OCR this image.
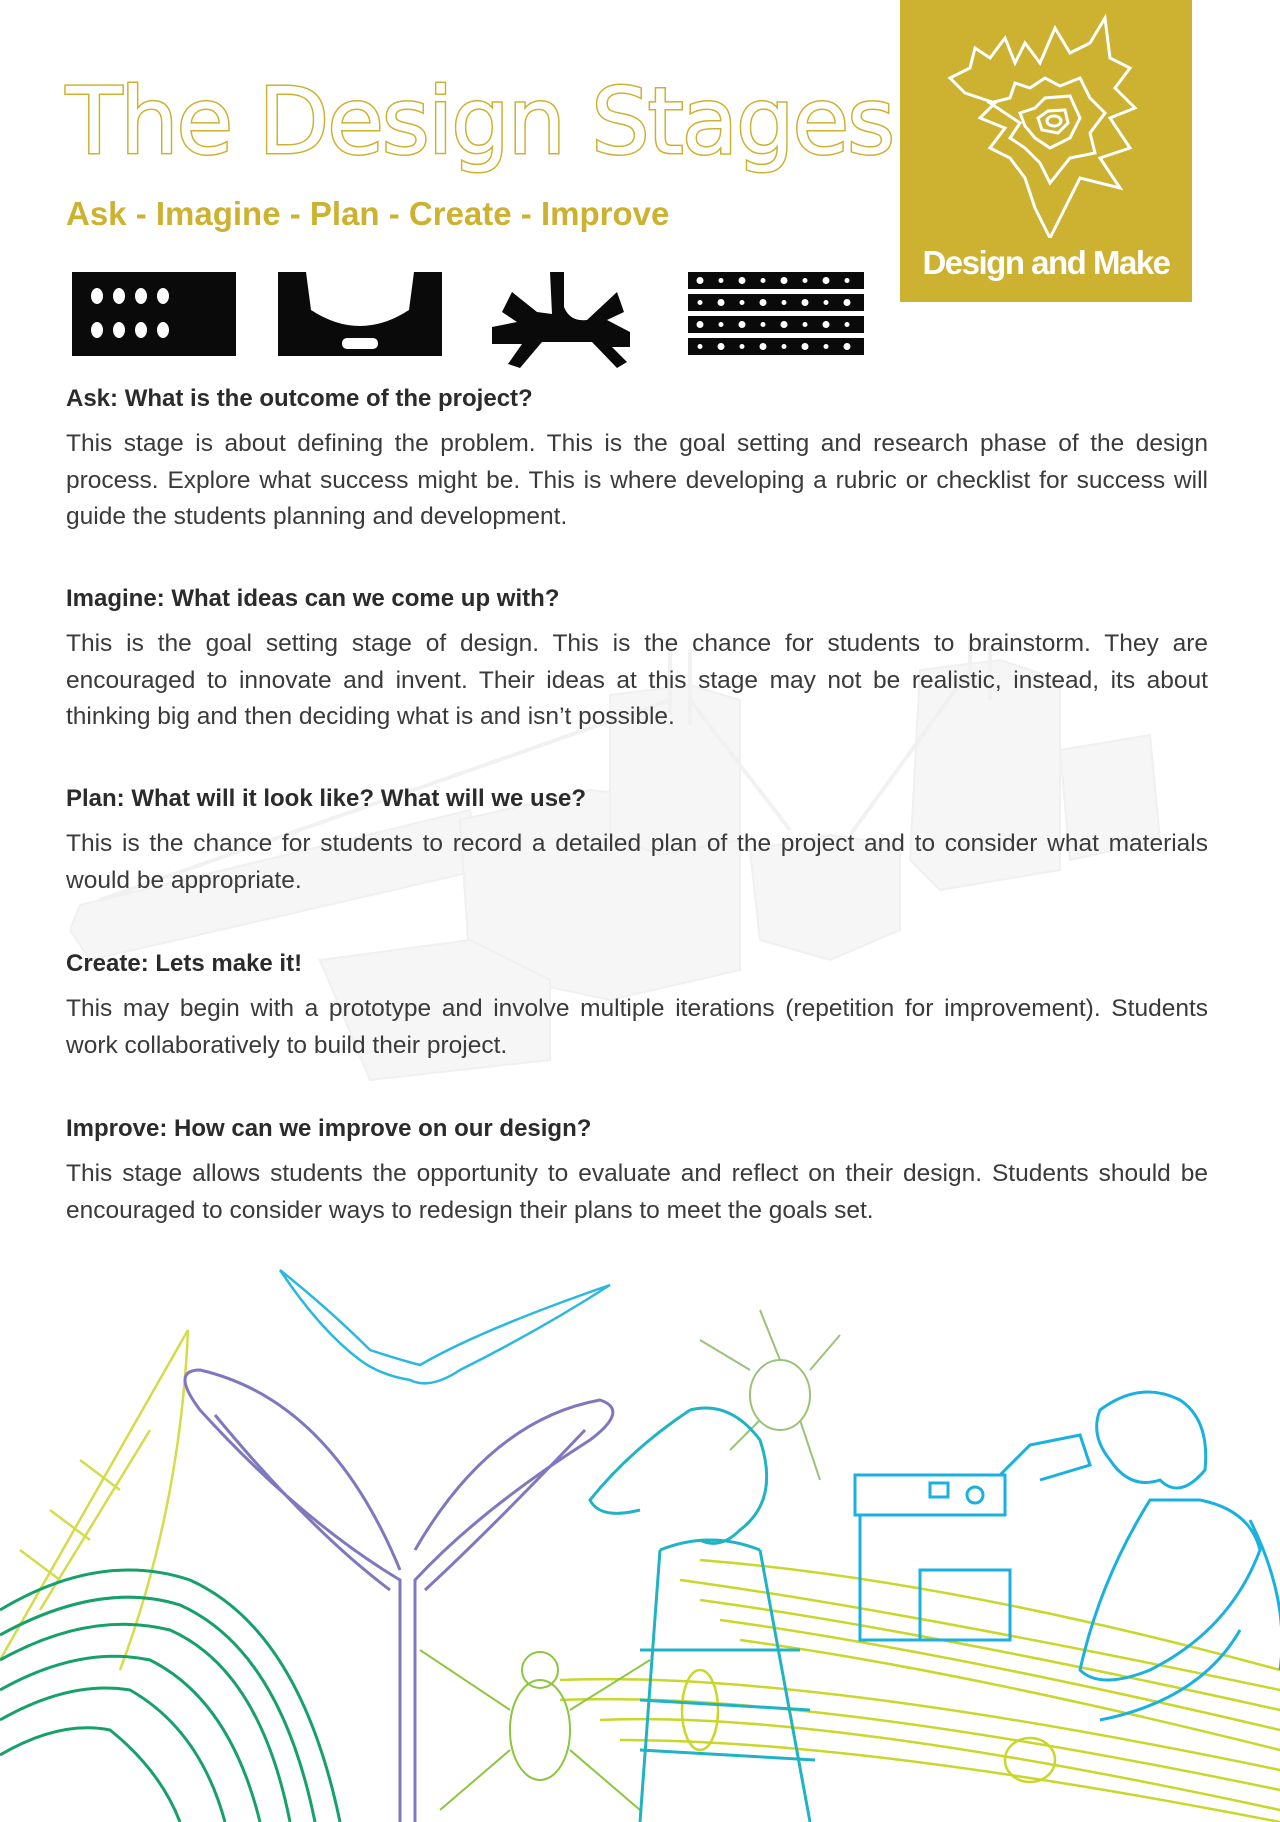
The Design Stages
Ask - Imagine - Plan - Create - Improve
Design and Make
Ask: What is the outcome of the project?

This stage is about defining the problem. This is the goal setting and research phase of the design process. Explore what success might be. This is where developing a rubric or checklist for success will guide the students planning and development.

Imagine: What ideas can we come up with?

This is the goal setting stage of design. This is the chance for students to brainstorm. They are encouraged to innovate and invent. Their ideas at this stage may not be realistic, instead, its about thinking big and then deciding what is and isn’t possible.

Plan: What will it look like? What will we use?

This is the chance for students to record a detailed plan of the project and to consider what materials would be appropriate.

Create: Lets make it!

This may begin with a prototype and involve multiple iterations (repetition for improvement). Students work collaboratively to build their project.

Improve: How can we improve on our design?

This stage allows students the opportunity to evaluate and reflect on their design. Students should be encouraged to consider ways to redesign their plans to meet the goals set.
